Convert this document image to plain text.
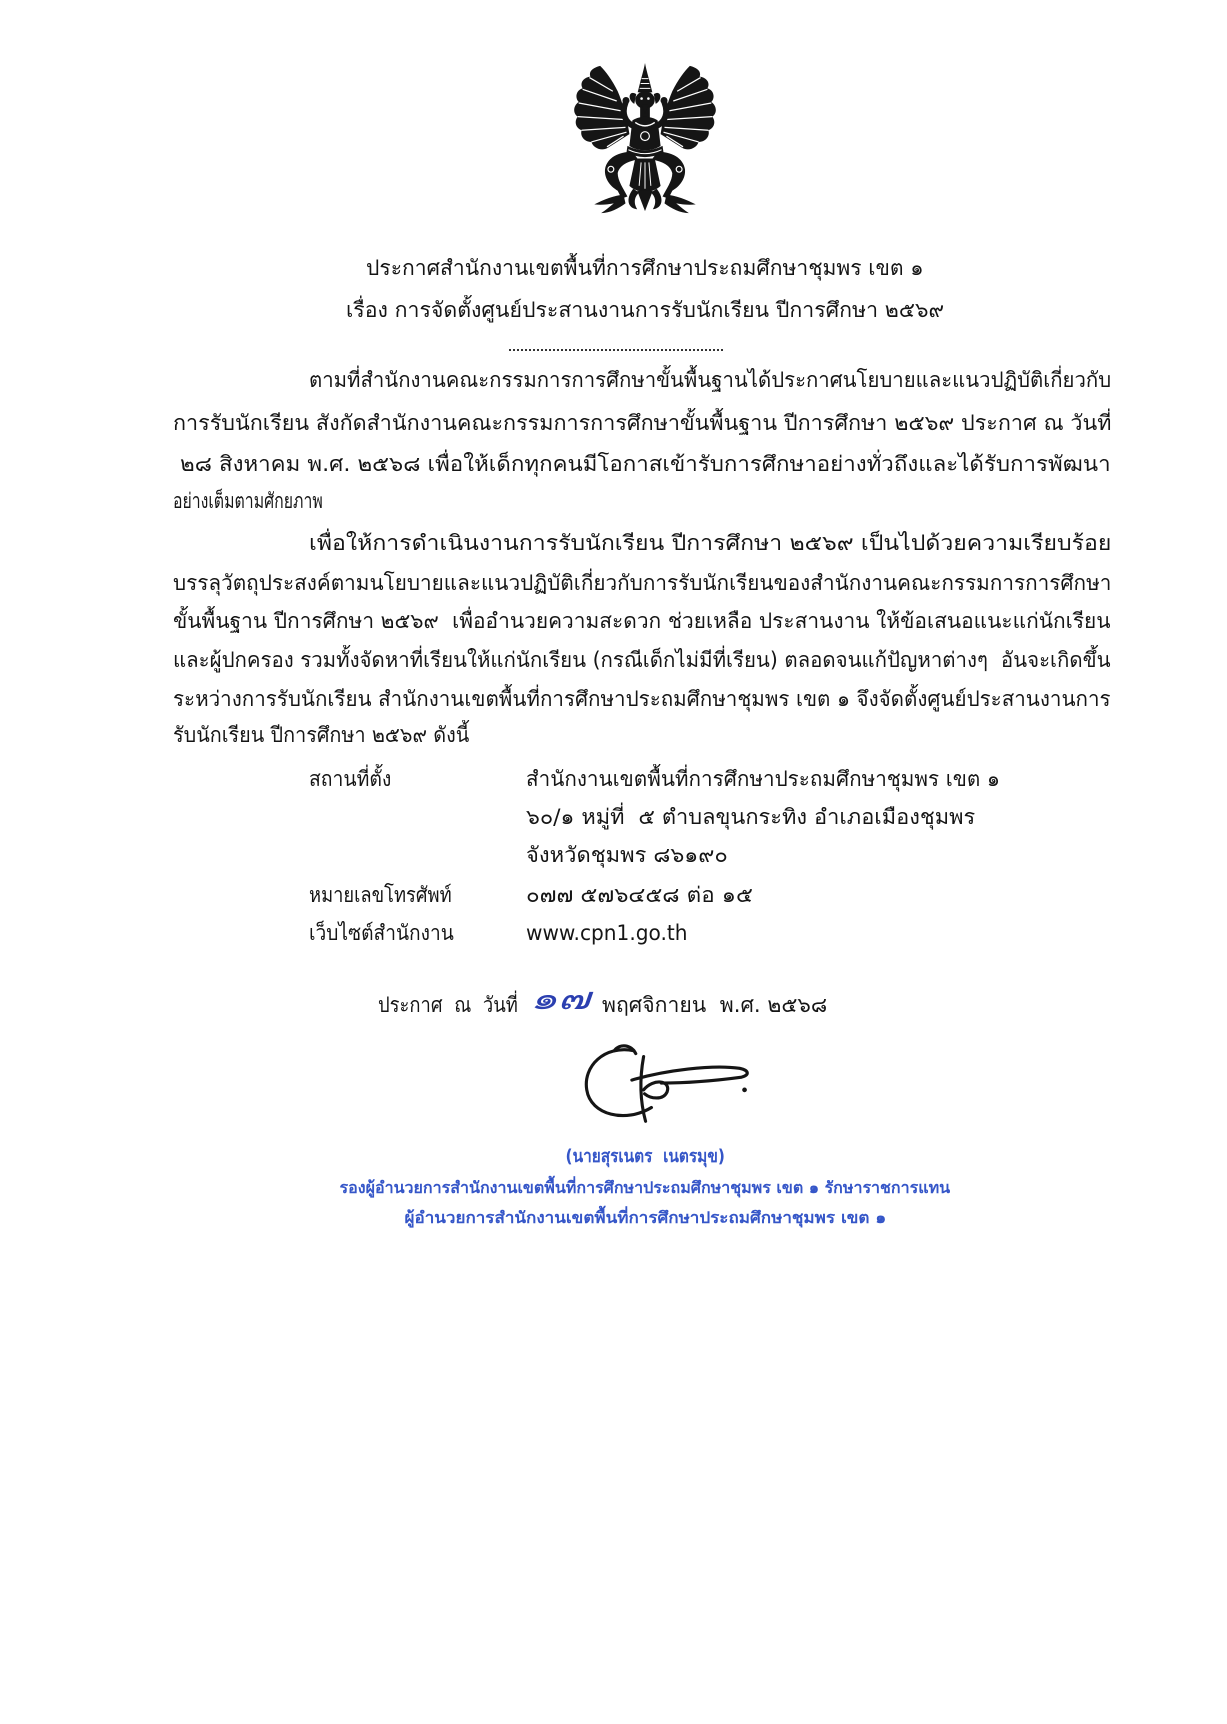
ประกาศสำนักงานเขตพื้นที่การศึกษาประถมศึกษาชุมพร เขต ๑
เรื่อง การจัดตั้งศูนย์ประสานงานการรับนักเรียน ปีการศึกษา ๒๕๖๙
ตามที่สำนักงานคณะกรรมการการศึกษาขั้นพื้นฐานได้ประกาศนโยบายและแนวปฏิบัติเกี่ยวกับ
การรับนักเรียน สังกัดสำนักงานคณะกรรมการการศึกษาขั้นพื้นฐาน ปีการศึกษา ๒๕๖๙ ประกาศ ณ วันที่
๒๘ สิงหาคม พ.ศ. ๒๕๖๘ เพื่อให้เด็กทุกคนมีโอกาสเข้ารับการศึกษาอย่างทั่วถึงและได้รับการพัฒนา
อย่างเต็มตามศักยภาพ
เพื่อให้การดำเนินงานการรับนักเรียน ปีการศึกษา ๒๕๖๙ เป็นไปด้วยความเรียบร้อย
บรรลุวัตถุประสงค์ตามนโยบายและแนวปฏิบัติเกี่ยวกับการรับนักเรียนของสำนักงานคณะกรรมการการศึกษา
ขั้นพื้นฐาน ปีการศึกษา ๒๕๖๙  เพื่ออำนวยความสะดวก ช่วยเหลือ ประสานงาน ให้ข้อเสนอแนะแก่นักเรียน
และผู้ปกครอง รวมทั้งจัดหาที่เรียนให้แก่นักเรียน (กรณีเด็กไม่มีที่เรียน) ตลอดจนแก้ปัญหาต่างๆ  อันจะเกิดขึ้น
ระหว่างการรับนักเรียน สำนักงานเขตพื้นที่การศึกษาประถมศึกษาชุมพร เขต ๑ จึงจัดตั้งศูนย์ประสานงานการ
รับนักเรียน ปีการศึกษา ๒๕๖๙ ดังนี้
สถานที่ตั้ง	สำนักงานเขตพื้นที่การศึกษาประถมศึกษาชุมพร เขต ๑
๖๐/๑ หมู่ที่  ๕ ตำบลขุนกระทิง อำเภอเมืองชุมพร
จังหวัดชุมพร ๘๖๑๙๐
หมายเลขโทรศัพท์	๐๗๗ ๕๗๖๔๕๘ ต่อ ๑๕
เว็บไซต์สำนักงาน	www.cpn1.go.th
ประกาศ  ณ  วันที่ ๑๗ พฤศจิกายน  พ.ศ. ๒๕๖๘
(นายสุรเนตร  เนตรมุข)
รองผู้อำนวยการสำนักงานเขตพื้นที่การศึกษาประถมศึกษาชุมพร เขต ๑ รักษาราชการแทน
ผู้อำนวยการสำนักงานเขตพื้นที่การศึกษาประถมศึกษาชุมพร เขต ๑
